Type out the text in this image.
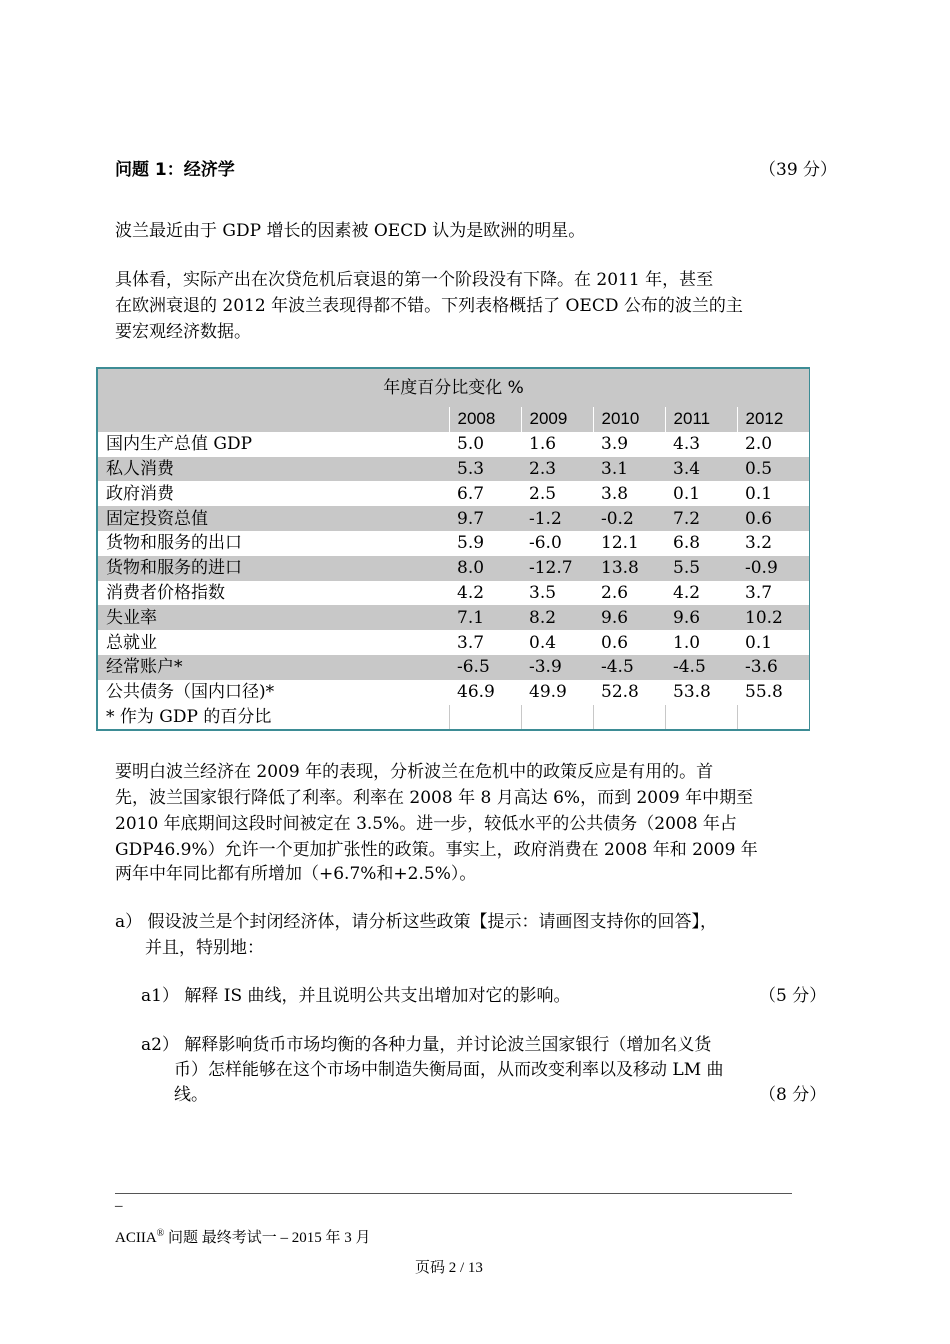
问题 1：经济学	（39 分）
波兰最近由于 GDP 增长的因素被 OECD 认为是欧洲的明星。
具体看，实际产出在次贷危机后衰退的第一个阶段没有下降。在 2011 年，甚至
在欧洲衰退的 2012 年波兰表现得都不错。下列表格概括了 OECD 公布的波兰的主
要宏观经济数据。
年度百分比变化 %					
	2008	2009	2010	2011	2012
国内生产总值 GDP	5.0	1.6	3.9	4.3	2.0
私人消费	5.3	2.3	3.1	3.4	0.5
政府消费	6.7	2.5	3.8	0.1	0.1
固定投资总值	9.7	-1.2	-0.2	7.2	0.6
货物和服务的出口	5.9	-6.0	12.1	6.8	3.2
货物和服务的进口	8.0	-12.7	13.8	5.5	-0.9
消费者价格指数	4.2	3.5	2.6	4.2	3.7
失业率	7.1	8.2	9.6	9.6	10.2
总就业	3.7	0.4	0.6	1.0	0.1
经常账户*	-6.5	-3.9	-4.5	-4.5	-3.6
公共债务（国内口径)*	46.9	49.9	52.8	53.8	55.8
* 作为 GDP 的百分比					
要明白波兰经济在 2009 年的表现，分析波兰在危机中的政策反应是有用的。首
先，波兰国家银行降低了利率。利率在 2008 年 8 月高达 6%，而到 2009 年中期至
2010 年底期间这段时间被定在 3.5%。进一步，较低水平的公共债务（2008 年占
GDP46.9%）允许一个更加扩张性的政策。事实上，政府消费在 2008 年和 2009 年
两年中年同比都有所增加（+6.7%和+2.5%）。
a） 假设波兰是个封闭经济体，请分析这些政策【提示：请画图支持你的回答】，
并且，特别地：
a1） 解释 IS 曲线，并且说明公共支出增加对它的影响。	（5 分）
a2） 解释影响货币市场均衡的各种力量，并讨论波兰国家银行（增加名义货
币）怎样能够在这个市场中制造失衡局面，从而改变利率以及移动 LM 曲
线。	（8 分）
–
ACIIA® 问题 最终考试一 – 2015 年 3 月
页码 2 / 13
